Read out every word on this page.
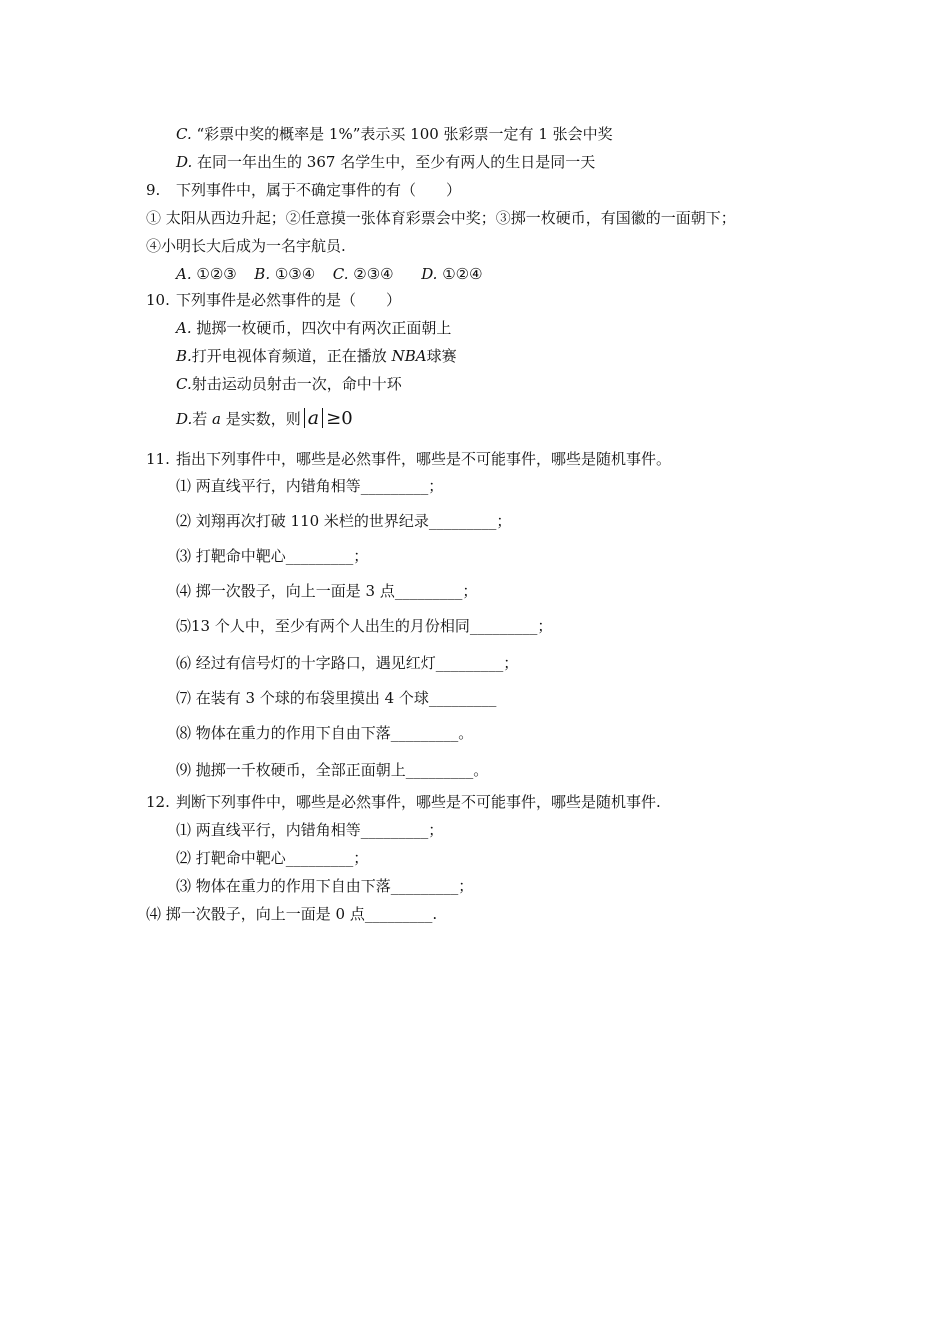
C. “彩票中奖的概率是 1%”表示买 100 张彩票一定有 1 张会中奖
D. 在同一年出生的 367 名学生中，至少有两人的生日是同一天
9. 下列事件中，属于不确定事件的有（　　）
① 太阳从西边升起；②任意摸一张体育彩票会中奖；③掷一枚硬币，有国徽的一面朝下；
④小明长大后成为一名宇航员.
A. ①②③ B. ①③④ C. ②③④ D. ①②④
10. 下列事件是必然事件的是（　　）
A. 抛掷一枚硬币，四次中有两次正面朝上
B.打开电视体育频道，正在播放 NBA球赛
C.射击运动员射击一次，命中十环
D.若 a 是实数，则 a ≥0
11. 指出下列事件中，哪些是必然事件，哪些是不可能事件，哪些是随机事件。
⑴ 两直线平行，内错角相等_________；
⑵ 刘翔再次打破 110 米栏的世界纪录_________；
⑶ 打靶命中靶心_________；
⑷ 掷一次骰子，向上一面是 3 点_________；
⑸13 个人中，至少有两个人出生的月份相同_________；
⑹ 经过有信号灯的十字路口，遇见红灯_________；
⑺ 在装有 3 个球的布袋里摸出 4 个球_________
⑻ 物体在重力的作用下自由下落_________。
⑼ 抛掷一千枚硬币，全部正面朝上_________。
12. 判断下列事件中，哪些是必然事件，哪些是不可能事件，哪些是随机事件.
⑴ 两直线平行，内错角相等_________；
⑵ 打靶命中靶心_________；
⑶ 物体在重力的作用下自由下落_________；
⑷ 掷一次骰子，向上一面是 0 点_________.
